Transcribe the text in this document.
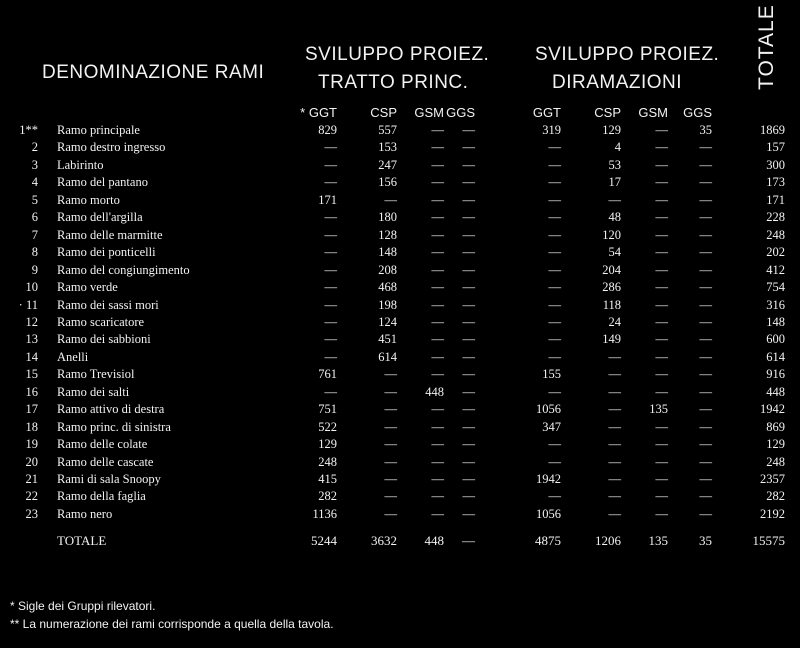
DENOMINAZIONE RAMI
SVILUPPO PROIEZ.
TRATTO PRINC.
SVILUPPO PROIEZ.
DIRAMAZIONI	TOTALE
* GGT	CSP GSM GGS	GGT	CSP GSM GGS
1** Ramo principale	829	557	—	—	319	129	—	35	1869
2 Ramo destro ingresso	—	153	—	—	—	4	—	—	157
3 Labirinto	—	247	—	—	—	53	—	—	300
4 Ramo del pantano	—	156	—	—	—	17	—	—	173
5 Ramo morto	171	—	—	—	—	—	—	—	171
6 Ramo dell'argilla	—	180	—	—	—	48	—	—	228
7 Ramo delle marmitte	—	128	—	—	—	120	—	—	248
8 Ramo dei ponticelli	—	148	—	—	—	54	—	—	202
9 Ramo del congiungimento	—	208	—	—	—	204	—	—	412
10 Ramo verde	—	468	—	—	—	286	—	—	754
· 11 Ramo dei sassi mori	—	198	—	—	—	118	—	—	316
12 Ramo scaricatore	—	124	—	—	—	24	—	—	148
13 Ramo dei sabbioni	—	451	—	—	—	149	—	—	600
14 Anelli	—	614	—	—	—	—	—	—	614
15 Ramo Trevisiol	761	—	—	—	155	—	—	—	916
16 Ramo dei salti	—	—	448	—	—	—	—	—	448
17 Ramo attivo di destra	751	—	—	—	1056	—	135	—	1942
18 Ramo princ. di sinistra	522	—	—	—	347	—	—	—	869
19 Ramo delle colate	129	—	—	—	—	—	—	—	129
20 Ramo delle cascate	248	—	—	—	—	—	—	—	248
21 Rami di sala Snoopy	415	—	—	—	1942	—	—	—	2357
22 Ramo della faglia	282	—	—	—	—	—	—	—	282
23 Ramo nero	1136	—	—	—	1056	—	—	—	2192
TOTALE	5244	3632	448	—	4875	1206	135	35	15575
* Sigle dei Gruppi rilevatori.
** La numerazione dei rami corrisponde a quella della tavola.
